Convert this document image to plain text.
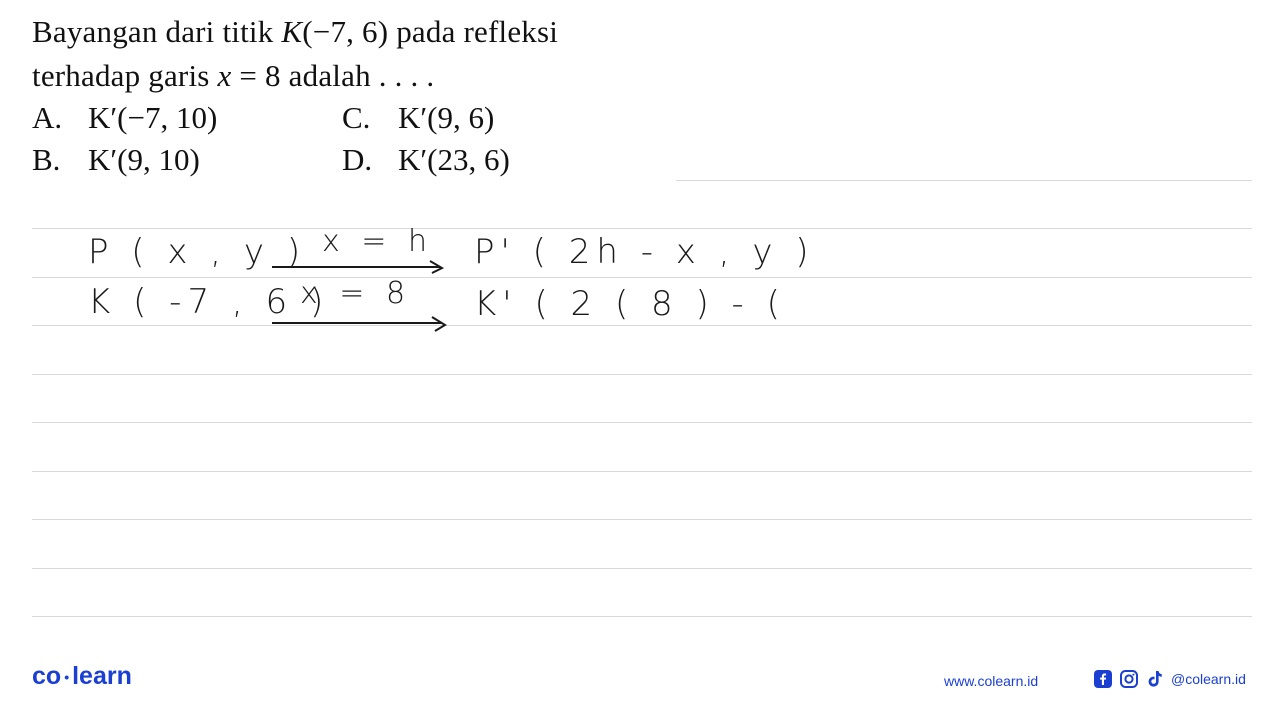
Bayangan dari titik K(−7, 6) pada refleksi
terhadap garis x = 8 adalah . . . .
A. K′(−7, 10)	C. K′(9, 6)
B. K′(9, 10)	D. K′(23, 6)
P ( x , y ) x = h P' ( 2h - x , y )
K ( -7 , 6 )
x = 8 K' ( 2 ( 8 ) - (
co • learn	www.colearn.id	@colearn.id
